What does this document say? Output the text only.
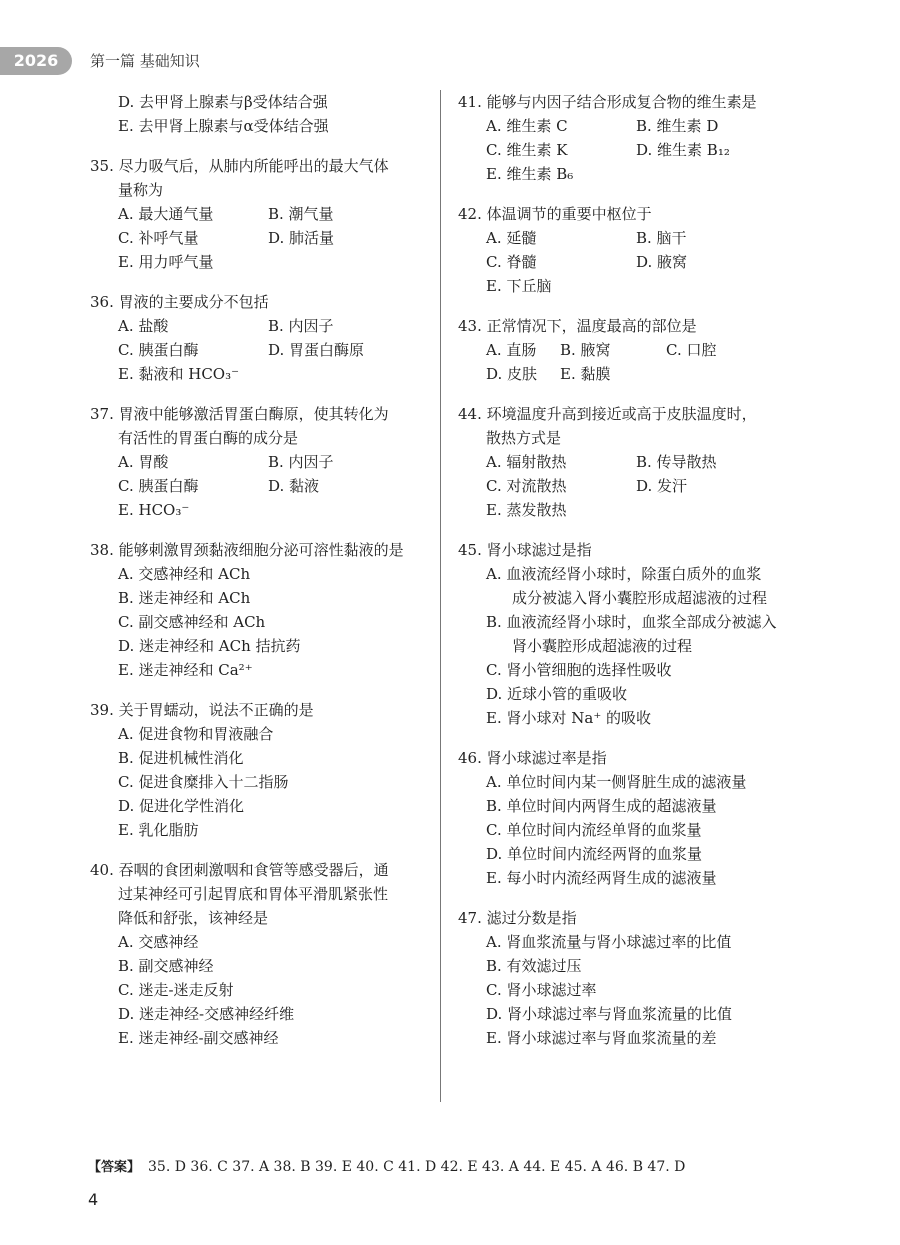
2026	第一篇 基础知识
D. 去甲肾上腺素与β受体结合强
E. 去甲肾上腺素与α受体结合强
35. 尽力吸气后，从肺内所能呼出的最大气体
量称为
A. 最大通气量	B. 潮气量
C. 补呼气量	D. 肺活量
E. 用力呼气量
36. 胃液的主要成分不包括
A. 盐酸	B. 内因子
C. 胰蛋白酶	D. 胃蛋白酶原
E. 黏液和 HCO₃⁻
37. 胃液中能够激活胃蛋白酶原，使其转化为
有活性的胃蛋白酶的成分是
A. 胃酸	B. 内因子
C. 胰蛋白酶	D. 黏液
E. HCO₃⁻
38. 能够刺激胃颈黏液细胞分泌可溶性黏液的是
A. 交感神经和 ACh
B. 迷走神经和 ACh
C. 副交感神经和 ACh
D. 迷走神经和 ACh 拮抗药
E. 迷走神经和 Ca²⁺
39. 关于胃蠕动，说法不正确的是
A. 促进食物和胃液融合
B. 促进机械性消化
C. 促进食糜排入十二指肠
D. 促进化学性消化
E. 乳化脂肪
40. 吞咽的食团刺激咽和食管等感受器后，通
过某神经可引起胃底和胃体平滑肌紧张性
降低和舒张，该神经是
A. 交感神经
B. 副交感神经
C. 迷走-迷走反射
D. 迷走神经-交感神经纤维
E. 迷走神经-副交感神经
41. 能够与内因子结合形成复合物的维生素是
A. 维生素 C	B. 维生素 D
C. 维生素 K	D. 维生素 B₁₂
E. 维生素 B₆
42. 体温调节的重要中枢位于
A. 延髓	B. 脑干
C. 脊髓	D. 腋窝
E. 下丘脑
43. 正常情况下，温度最高的部位是
A. 直肠 B. 腋窝	C. 口腔
D. 皮肤 E. 黏膜
44. 环境温度升高到接近或高于皮肤温度时，
散热方式是
A. 辐射散热	B. 传导散热
C. 对流散热	D. 发汗
E. 蒸发散热
45. 肾小球滤过是指
A. 血液流经肾小球时，除蛋白质外的血浆
成分被滤入肾小囊腔形成超滤液的过程
B. 血液流经肾小球时，血浆全部成分被滤入
肾小囊腔形成超滤液的过程
C. 肾小管细胞的选择性吸收
D. 近球小管的重吸收
E. 肾小球对 Na⁺ 的吸收
46. 肾小球滤过率是指
A. 单位时间内某一侧肾脏生成的滤液量
B. 单位时间内两肾生成的超滤液量
C. 单位时间内流经单肾的血浆量
D. 单位时间内流经两肾的血浆量
E. 每小时内流经两肾生成的滤液量
47. 滤过分数是指
A. 肾血浆流量与肾小球滤过率的比值
B. 有效滤过压
C. 肾小球滤过率
D. 肾小球滤过率与肾血浆流量的比值
E. 肾小球滤过率与肾血浆流量的差
【答案】 35. D 36. C 37. A 38. B 39. E 40. C 41. D 42. E 43. A 44. E 45. A 46. B 47. D
4
